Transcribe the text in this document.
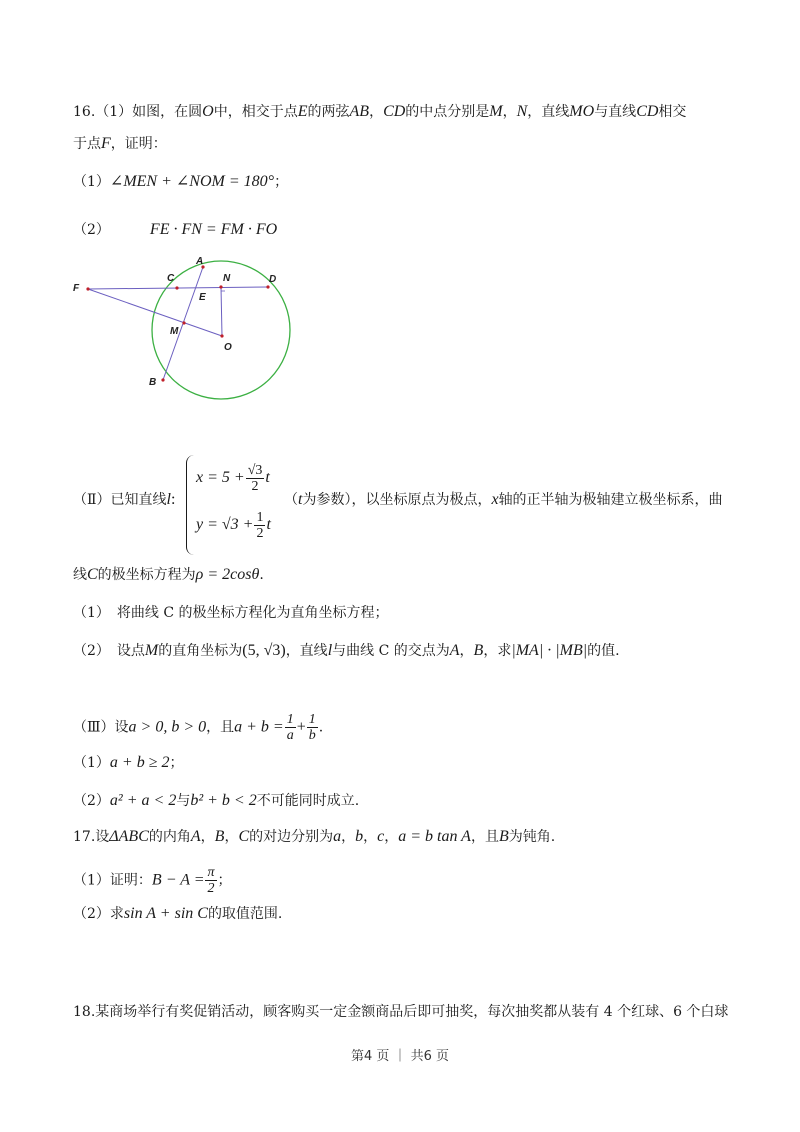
16.（1）如图，在圆O中，相交于点E的两弦AB，CD的中点分别是M，N，直线MO与直线CD相交
于点F，证明：
（1）∠MEN + ∠NOM = 180°；
（2）	FE · FN = FM · FO
F
C
A
N	D
E
M
O
B
$x = 5 + \frac{√3}{2}$ t
$y = √3 + \frac{1}{2}$ t
（Ⅱ）已知直线l:	（t为参数），以坐标原点为极点，x轴的正半轴为极轴建立极坐标系，曲
线C的极坐标方程为ρ = 2cosθ.
（1）　将曲线 C 的极坐标方程化为直角坐标方程；
（2）　设点M的直角坐标为(5, √3)，直线l与曲线 C 的交点为A，B，求|MA| · |MB|的值.
（Ⅲ）设a > 0, b > 0，且$a + b = \frac{1}{a} + \frac{1}{b}$ .
（1）a + b ≥ 2；
（2）a² + a < 2与b² + b < 2不可能同时成立.
17.设ΔABC的内角A，B，C的对边分别为a，b，c，a = b tan A，且B为钝角.
（1）证明：$B - A = \frac{\pi}{2}$ ；
（2）求sin A + sin C的取值范围.
18.某商场举行有奖促销活动，顾客购买一定金额商品后即可抽奖，每次抽奖都从装有 4 个红球、6 个白球
第4 页 ｜ 共6 页
